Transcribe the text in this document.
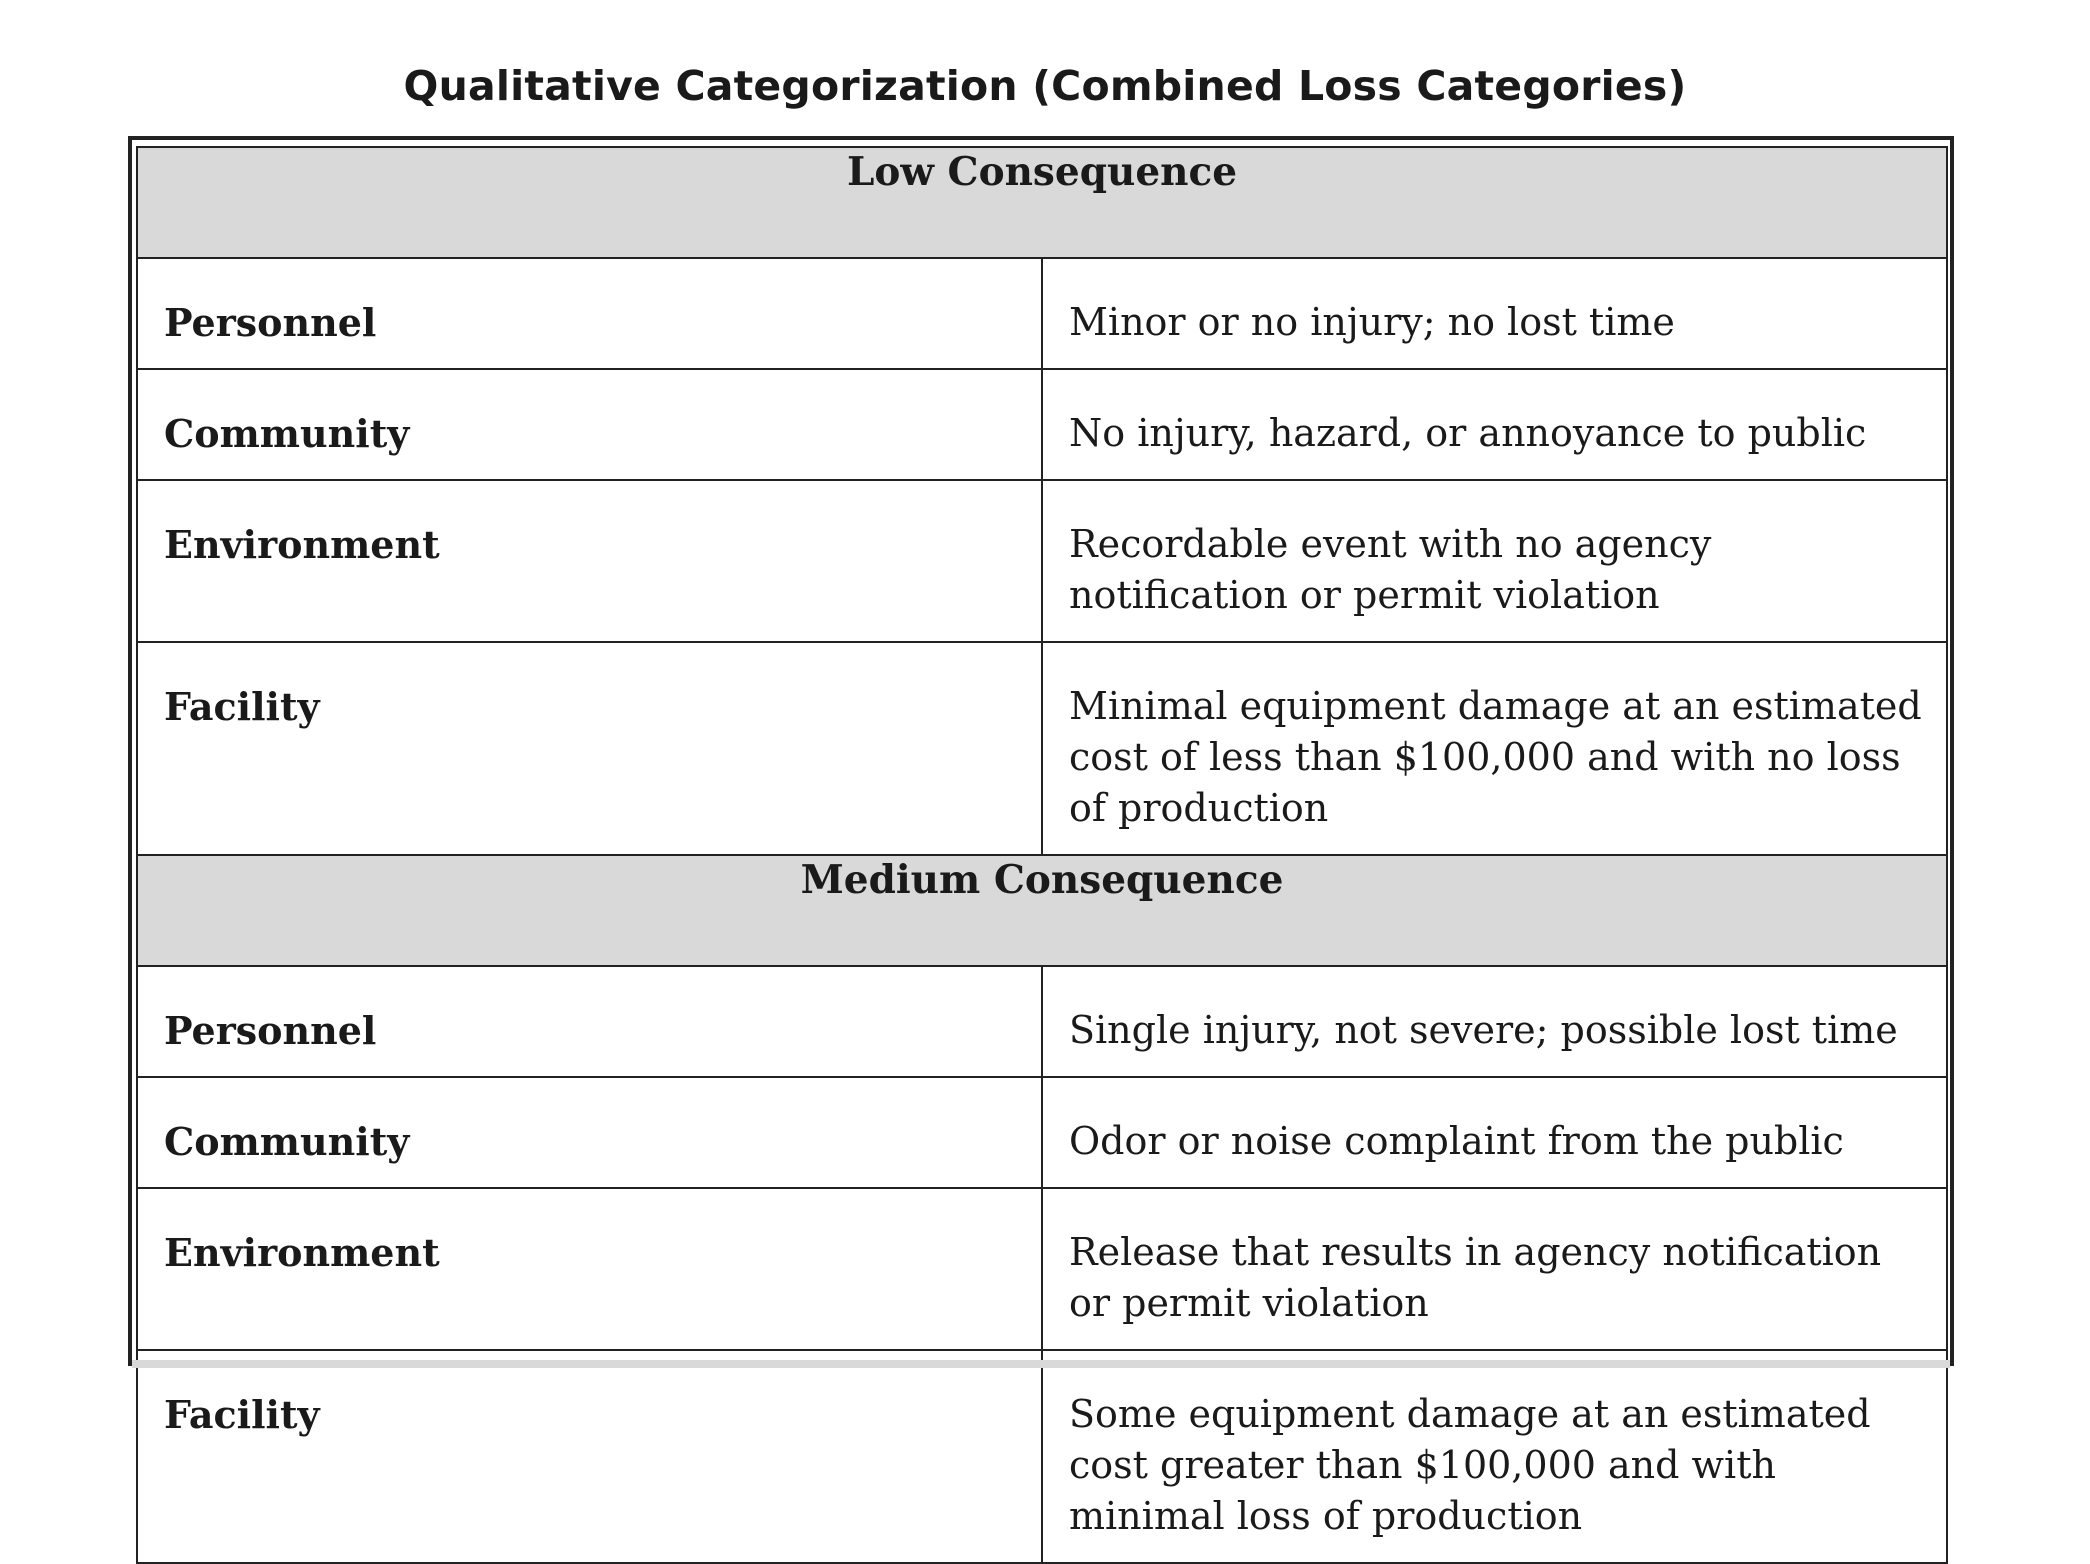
Qualitative Categorization (Combined Loss Categories)
Low Consequence	
Personnel	Minor or no injury; no lost time
Community	No injury, hazard, or annoyance to public
Environment	Recordable event with no agency notification or permit violation
Facility	Minimal equipment damage at an estimated cost of less than $100,000 and with no loss of production
Medium Consequence	
Personnel	Single injury, not severe; possible lost time
Community	Odor or noise complaint from the public
Environment	Release that results in agency notification or permit violation
Facility	Some equipment damage at an estimated cost greater than $100,000 and with minimal loss of production
